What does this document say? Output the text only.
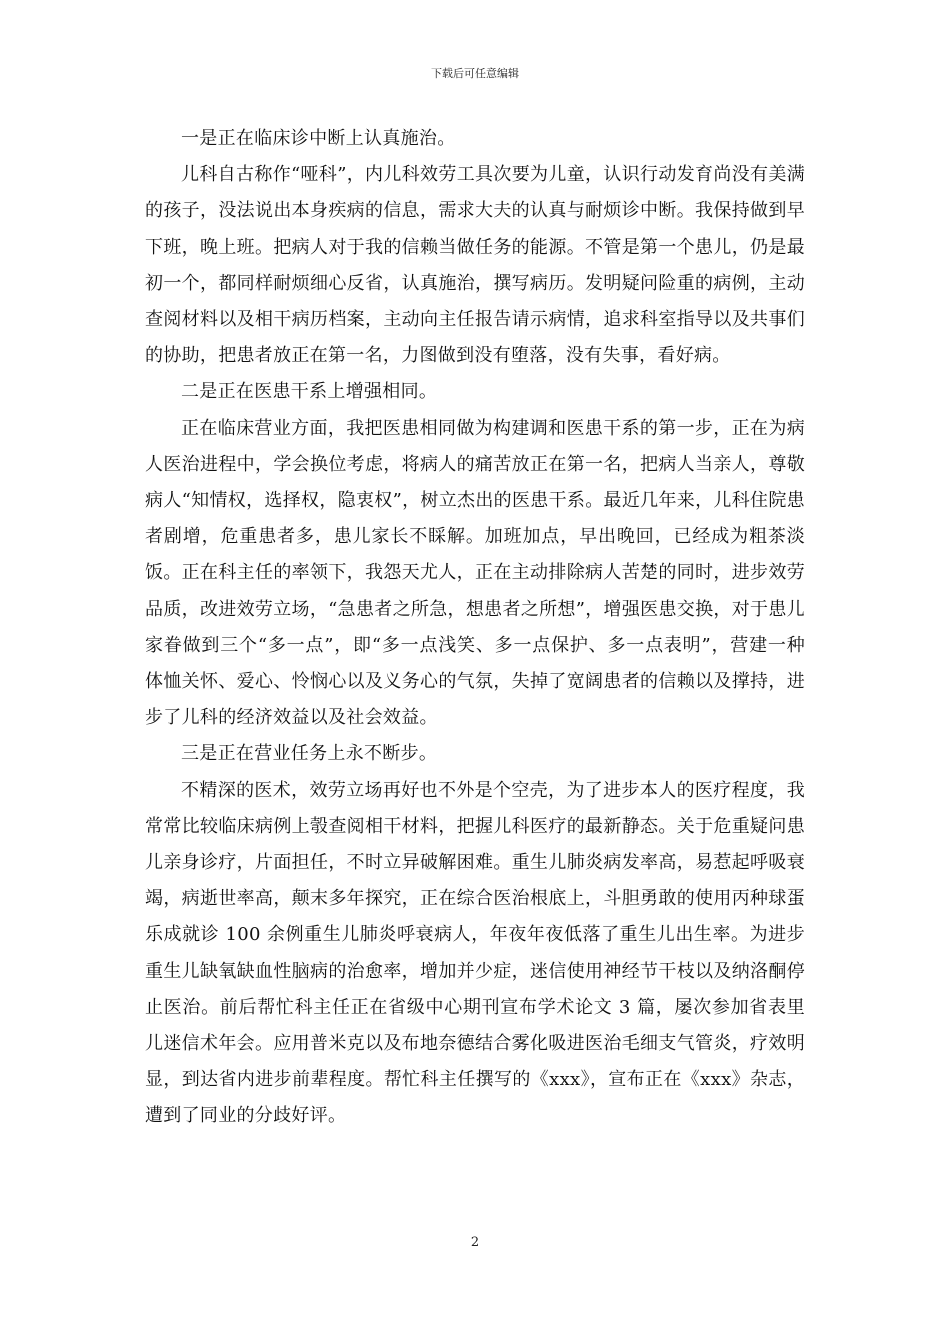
下载后可任意编辑

一是正在临床诊中断上认真施治。

儿科自古称作“哑科”，内儿科效劳工具次要为儿童，认识行动发育尚没有美满的孩子，没法说出本身疾病的信息，需求大夫的认真与耐烦诊中断。我保持做到早下班，晚上班。把病人对于我的信赖当做任务的能源。不管是第一个患儿，仍是最初一个，都同样耐烦细心反省，认真施治，撰写病历。发明疑问险重的病例，主动查阅材料以及相干病历档案，主动向主任报告请示病情，追求科室指导以及共事们的协助，把患者放正在第一名，力图做到没有堕落，没有失事，看好病。

二是正在医患干系上增强相同。

正在临床营业方面，我把医患相同做为构建调和医患干系的第一步，正在为病人医治进程中，学会换位考虑，将病人的痛苦放正在第一名，把病人当亲人，尊敬病人“知情权，选择权，隐衷权”，树立杰出的医患干系。最近几年来，儿科住院患者剧增，危重患者多，患儿家长不睬解。加班加点，早出晚回，已经成为粗茶淡饭。正在科主任的率领下，我怨天尤人，正在主动排除病人苦楚的同时，进步效劳品质，改进效劳立场，“急患者之所急，想患者之所想”，增强医患交换，对于患儿家眷做到三个“多一点”，即“多一点浅笑、多一点保护、多一点表明”，营建一种体恤关怀、爱心、怜悯心以及义务心的气氛，失掉了宽阔患者的信赖以及撑持，进步了儿科的经济效益以及社会效益。

三是正在营业任务上永不断步。

不精深的医术，效劳立场再好也不外是个空壳，为了进步本人的医疗程度，我常常比较临床病例上彀查阅相干材料，把握儿科医疗的最新静态。关于危重疑问患儿亲身诊疗，片面担任，不时立异破解困难。重生儿肺炎病发率高，易惹起呼吸衰竭，病逝世率高，颠末多年探究，正在综合医治根底上，斗胆勇敢的使用丙种球蛋乐成就诊 100 余例重生儿肺炎呼衰病人，年夜年夜低落了重生儿出生率。为进步重生儿缺氧缺血性脑病的治愈率，增加并少症，迷信使用神经节干枝以及纳洛酮停止医治。前后帮忙科主任正在省级中心期刊宣布学术论文 3 篇，屡次参加省表里儿迷信术年会。应用普米克以及布地奈德结合雾化吸进医治毛细支气管炎，疗效明显，到达省内进步前辈程度。帮忙科主任撰写的《xxx》，宣布正在《xxx》杂志，遭到了同业的分歧好评。

2
